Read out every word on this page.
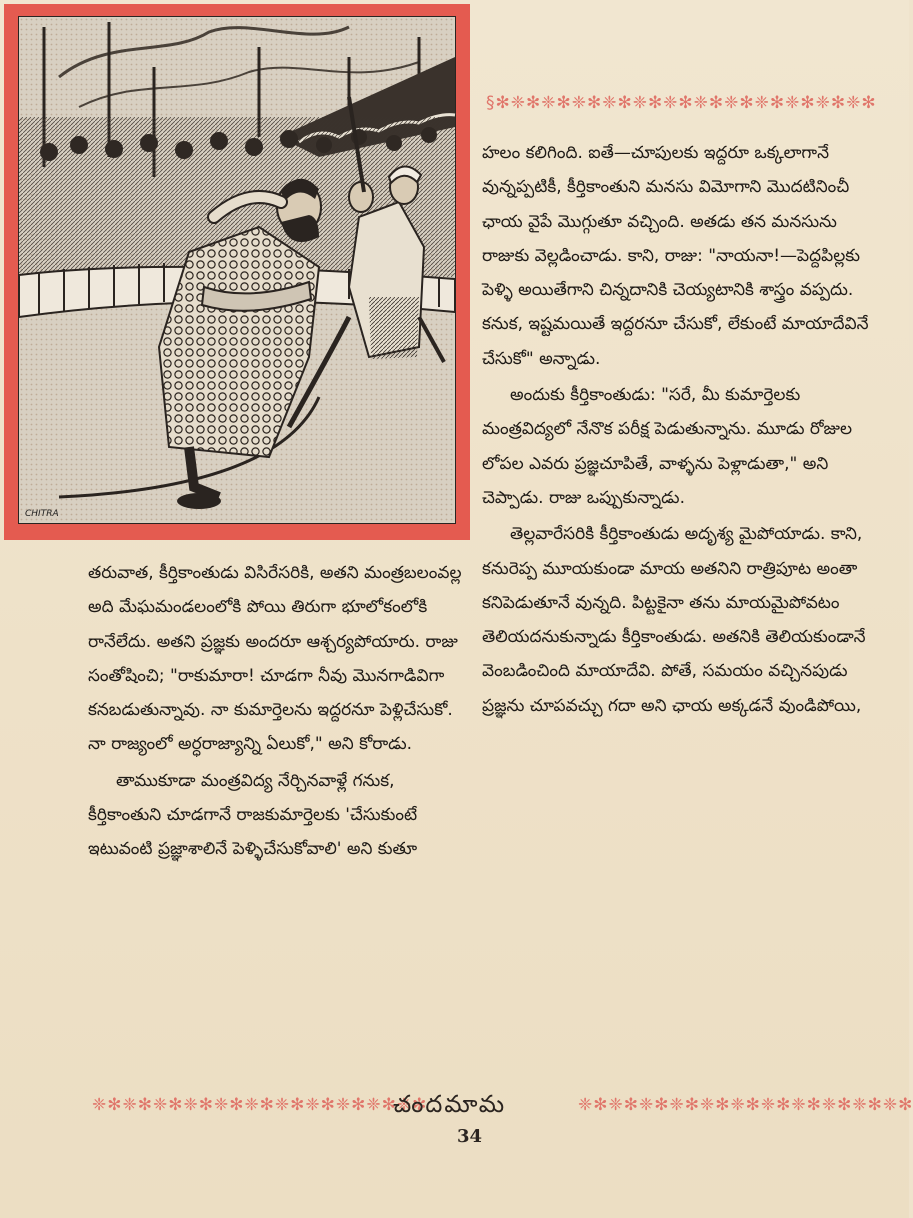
CHITRA
§✻❈✻❈✻❈✻❈✻❈✻❈✻❈✻❈✻❈✻❈✻❈✻❈✻

హలం కలిగింది. ఐతే—చూపులకు ఇద్దరూ ఒక్కలాగానే వున్నప్పటికీ, కీర్తికాంతుని మనసు విమోగాని మొదటినించీ ఛాయ వైపే మొగ్గుతూ వచ్చింది. అతడు తన మనసును రాజుకు వెల్లడించాడు. కాని, రాజు: "నాయనా!—పెద్దపిల్లకు పెళ్ళి అయితేగాని చిన్నదానికి చెయ్యటానికి శాస్త్రం వప్పదు. కనుక, ఇష్టమయితే ఇద్దరనూ చేసుకో, లేకుంటే మాయాదేవినే చేసుకో" అన్నాడు.

అందుకు కీర్తికాంతుడు: "సరే, మీ కుమార్తెలకు మంత్రవిద్యలో నేనొక పరీక్ష పెడుతున్నాను. మూడు రోజుల లోపల ఎవరు ప్రజ్ఞచూపితే, వాళ్ళను పెళ్లాడుతా," అని చెప్పాడు. రాజు ఒప్పుకున్నాడు.

తెల్లవారేసరికి కీర్తికాంతుడు అదృశ్య మైపోయాడు. కాని, కనురెప్ప మూయకుండా మాయ అతనిని రాత్రిపూట అంతా కనిపెడుతూనే వున్నది. పిట్టకైనా తను మాయమైపోవటం తెలియదనుకున్నాడు కీర్తికాంతుడు. అతనికి తెలియకుండానే వెంబడించింది మాయాదేవి. పోతే, సమయం వచ్చినపుడు ప్రజ్ఞను చూపవచ్చు గదా అని ఛాయ అక్కడనే వుండిపోయి,

తరువాత, కీర్తికాంతుడు విసిరేసరికి, అతని మంత్రబలంవల్ల అది మేఘమండలంలోకి పోయి తిరుగా భూలోకంలోకి రానేలేదు. అతని ప్రజ్ఞకు అందరూ ఆశ్చర్యపోయారు. రాజు సంతోషించి; "రాకుమారా! చూడగా నీవు మొనగాడివిగా కనబడుతున్నావు. నా కుమార్తెలను ఇద్దరనూ పెళ్లిచేసుకో. నా రాజ్యంలో అర్ధరాజ్యాన్ని ఏలుకో," అని కోరాడు.

తాముకూడా మంత్రవిద్య నేర్చినవాళ్లే గనుక, కీర్తికాంతుని చూడగానే రాజకుమార్తెలకు 'చేసుకుంటే ఇటువంటి ప్రజ్ఞాశాలినే పెళ్ళిచేసుకోవాలి' అని కుతూ

❈✻❈✻❈✻❈✻❈✻❈✻❈✻❈✻❈✻❈✻❈✻
చందమామ	❈✻❈✻❈✻❈✻❈✻❈✻❈✻❈✻❈✻❈✻❈✻
34
